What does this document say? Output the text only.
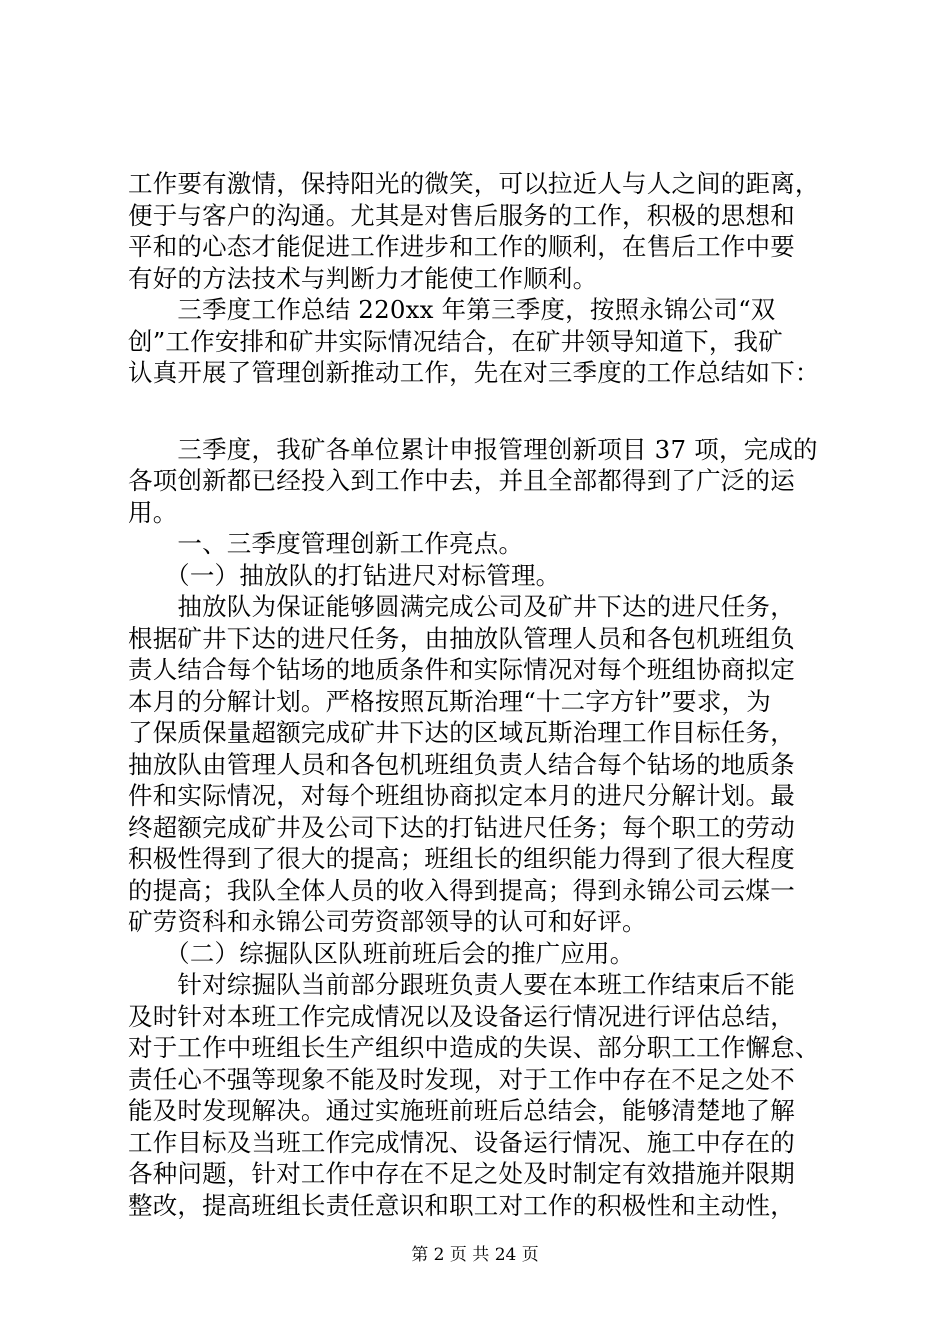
工作要有激情，保持阳光的微笑，可以拉近人与人之间的距离，
便于与客户的沟通。尤其是对售后服务的工作，积极的思想和
平和的心态才能促进工作进步和工作的顺利，在售后工作中要
有好的方法技术与判断力才能使工作顺利。

　　三季度工作总结 220xx 年第三季度，按照永锦公司“双
创”工作安排和矿井实际情况结合，在矿井领导知道下，我矿
认真开展了管理创新推动工作，先在对三季度的工作总结如下：

　　三季度，我矿各单位累计申报管理创新项目 37 项，完成的
各项创新都已经投入到工作中去，并且全部都得到了广泛的运
用。
　　一、三季度管理创新工作亮点。
　　（一）抽放队的打钻进尺对标管理。
　　抽放队为保证能够圆满完成公司及矿井下达的进尺任务，
根据矿井下达的进尺任务，由抽放队管理人员和各包机班组负
责人结合每个钻场的地质条件和实际情况对每个班组协商拟定
本月的分解计划。严格按照瓦斯治理“十二字方针”要求，为
了保质保量超额完成矿井下达的区域瓦斯治理工作目标任务，
抽放队由管理人员和各包机班组负责人结合每个钻场的地质条
件和实际情况，对每个班组协商拟定本月的进尺分解计划。最
终超额完成矿井及公司下达的打钻进尺任务；每个职工的劳动
积极性得到了很大的提高；班组长的组织能力得到了很大程度
的提高；我队全体人员的收入得到提高；得到永锦公司云煤一
矿劳资科和永锦公司劳资部领导的认可和好评。
　　（二）综掘队区队班前班后会的推广应用。
　　针对综掘队当前部分跟班负责人要在本班工作结束后不能
及时针对本班工作完成情况以及设备运行情况进行评估总结，
对于工作中班组长生产组织中造成的失误、部分职工工作懈怠、
责任心不强等现象不能及时发现，对于工作中存在不足之处不
能及时发现解决。通过实施班前班后总结会，能够清楚地了解
工作目标及当班工作完成情况、设备运行情况、施工中存在的
各种问题，针对工作中存在不足之处及时制定有效措施并限期
整改，提高班组长责任意识和职工对工作的积极性和主动性，

第 2 页 共 24 页
